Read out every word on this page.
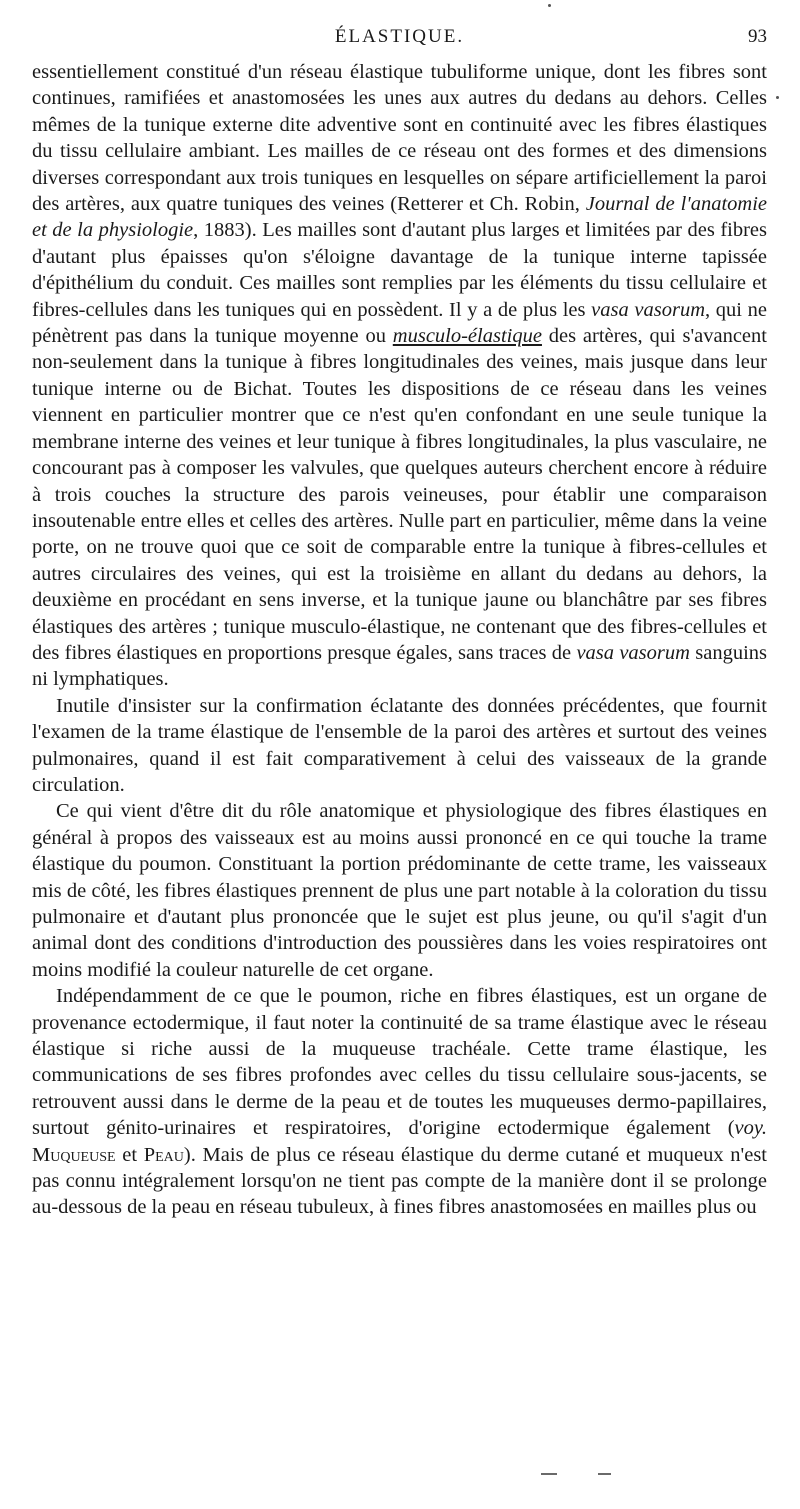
ÉLASTIQUE.	93

essentiellement constitué d'un réseau élastique tubuliforme unique, dont les fibres sont continues, ramifiées et anastomosées les unes aux autres du dedans au dehors. Celles mêmes de la tunique externe dite adventive sont en continuité avec les fibres élastiques du tissu cellulaire ambiant. Les mailles de ce réseau ont des formes et des dimensions diverses correspondant aux trois tuniques en lesquelles on sépare artificiellement la paroi des artères, aux quatre tuniques des veines (Retterer et Ch. Robin, Journal de l'anatomie et de la physiologie, 1883). Les mailles sont d'autant plus larges et limitées par des fibres d'autant plus épaisses qu'on s'éloigne davantage de la tunique interne tapissée d'épithélium du conduit. Ces mailles sont remplies par les éléments du tissu cellulaire et fibres-cellules dans les tuniques qui en possèdent. Il y a de plus les vasa vasorum, qui ne pénètrent pas dans la tunique moyenne ou musculo-élastique des artères, qui s'avancent non-seulement dans la tunique à fibres longitudinales des veines, mais jusque dans leur tunique interne ou de Bichat. Toutes les dispositions de ce réseau dans les veines viennent en particulier montrer que ce n'est qu'en confondant en une seule tunique la membrane interne des veines et leur tunique à fibres longitudinales, la plus vasculaire, ne concourant pas à composer les valvules, que quelques auteurs cherchent encore à réduire à trois couches la structure des parois veineuses, pour établir une comparaison insoutenable entre elles et celles des artères. Nulle part en particulier, même dans la veine porte, on ne trouve quoi que ce soit de comparable entre la tunique à fibres-cellules et autres circulaires des veines, qui est la troisième en allant du dedans au dehors, la deuxième en procédant en sens inverse, et la tunique jaune ou blanchâtre par ses fibres élastiques des artères ; tunique musculo-élastique, ne contenant que des fibres-cellules et des fibres élastiques en proportions presque égales, sans traces de vasa vasorum sanguins ni lymphatiques.

Inutile d'insister sur la confirmation éclatante des données précédentes, que fournit l'examen de la trame élastique de l'ensemble de la paroi des artères et surtout des veines pulmonaires, quand il est fait comparativement à celui des vaisseaux de la grande circulation.

Ce qui vient d'être dit du rôle anatomique et physiologique des fibres élastiques en général à propos des vaisseaux est au moins aussi prononcé en ce qui touche la trame élastique du poumon. Constituant la portion prédominante de cette trame, les vaisseaux mis de côté, les fibres élastiques prennent de plus une part notable à la coloration du tissu pulmonaire et d'autant plus prononcée que le sujet est plus jeune, ou qu'il s'agit d'un animal dont des conditions d'introduction des poussières dans les voies respiratoires ont moins modifié la couleur naturelle de cet organe.

Indépendamment de ce que le poumon, riche en fibres élastiques, est un organe de provenance ectodermique, il faut noter la continuité de sa trame élastique avec le réseau élastique si riche aussi de la muqueuse trachéale. Cette trame élastique, les communications de ses fibres profondes avec celles du tissu cellulaire sous-jacents, se retrouvent aussi dans le derme de la peau et de toutes les muqueuses dermo-papillaires, surtout génito-urinaires et respiratoires, d'origine ectodermique également (voy. Muqueuse et Peau). Mais de plus ce réseau élastique du derme cutané et muqueux n'est pas connu intégralement lorsqu'on ne tient pas compte de la manière dont il se prolonge au-dessous de la peau en réseau tubuleux, à fines fibres anastomosées en mailles plus ou
